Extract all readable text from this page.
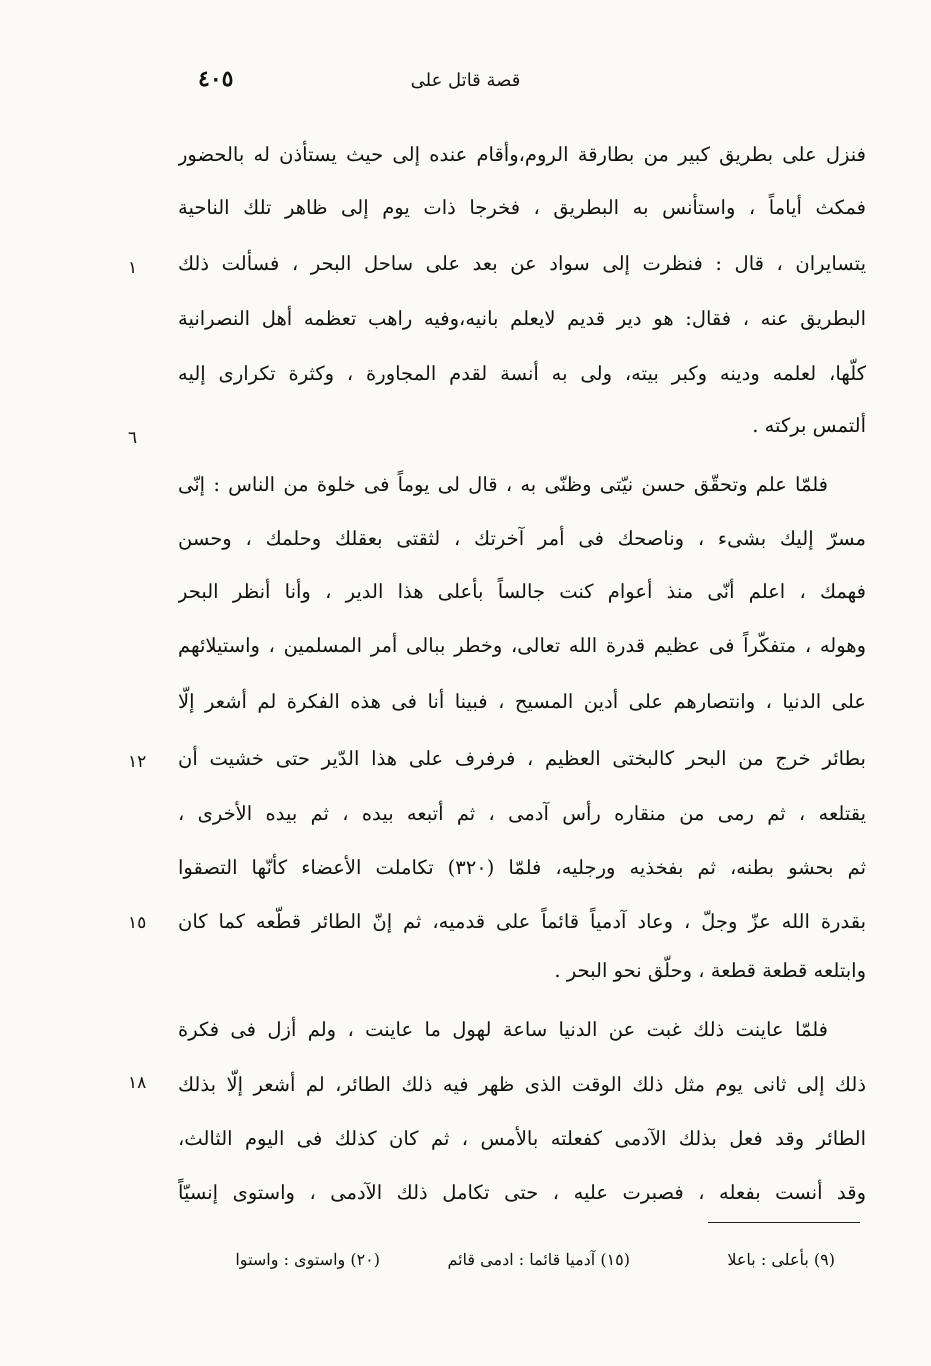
قصة قاتل على
٤٠٥
فنزل على بطريق كبير من بطارقة الروم،وأقام عنده إلى حيث يستأذن له بالحضور
فمكث أياماً ، واستأنس به البطريق ، فخرجا ذات يوم إلى ظاهر تلك الناحية
يتسايران ، قال : فنظرت إلى سواد عن بعد على ساحل البحر ، فسألت ذلك
البطريق عنه ، فقال: هو دير قديم لايعلم بانيه،وفيه راهب تعظمه أهل النصرانية
كلّها، لعلمه ودينه وكبر بيته، ولى به أنسة لقدم المجاورة ، وكثرة تكرارى إليه
ألتمس بركته .
فلمّا علم وتحقّق حسن نيّتى وظنّى به ، قال لى يوماً فى خلوة من الناس : إنّى
مسرّ إليك بشىء ، وناصحك فى أمر آخرتك ، لثقتى بعقلك وحلمك ، وحسن
فهمك ، اعلم أنّى منذ أعوام كنت جالساً بأعلى هذا الدير ، وأنا أنظر البحر
وهوله ، متفكّراً فى عظيم قدرة الله تعالى، وخطر ببالى أمر المسلمين ، واستيلائهم
على الدنيا ، وانتصارهم على أدين المسيح ، فبينا أنا فى هذه الفكرة لم أشعر إلّا
بطائر خرج من البحر كالبختى العظيم ، فرفرف على هذا الدّير حتى خشيت أن
يقتلعه ، ثم رمى من منقاره رأس آدمى ، ثم أتبعه بيده ، ثم بيده الأخرى ،
ثم بحشو بطنه، ثم بفخذيه ورجليه، فلمّا (٣٢٠) تكاملت الأعضاء كأنّها التصقوا
بقدرة الله عزّ وجلّ ، وعاد آدمياً قائماً على قدميه، ثم إنّ الطائر قطّعه كما كان
وابتلعه قطعة قطعة ، وحلّق نحو البحر .
فلمّا عاينت ذلك غبت عن الدنيا ساعة لهول ما عاينت ، ولم أزل فى فكرة
ذلك إلى ثانى يوم مثل ذلك الوقت الذى ظهر فيه ذلك الطائر، لم أشعر إلّا بذلك
الطائر وقد فعل بذلك الآدمى كفعلته بالأمس ، ثم كان كذلك فى اليوم الثالث،
وقد أنست بفعله ، فصبرت عليه ، حتى تكامل ذلك الآدمى ، واستوى إنسيّاً
١
٦
١٢
١٥
١٨
(٩) بأعلى : باعلا
(١٥) آدميا قائما : ادمى قائم
(٢٠) واستوى : واستوا
